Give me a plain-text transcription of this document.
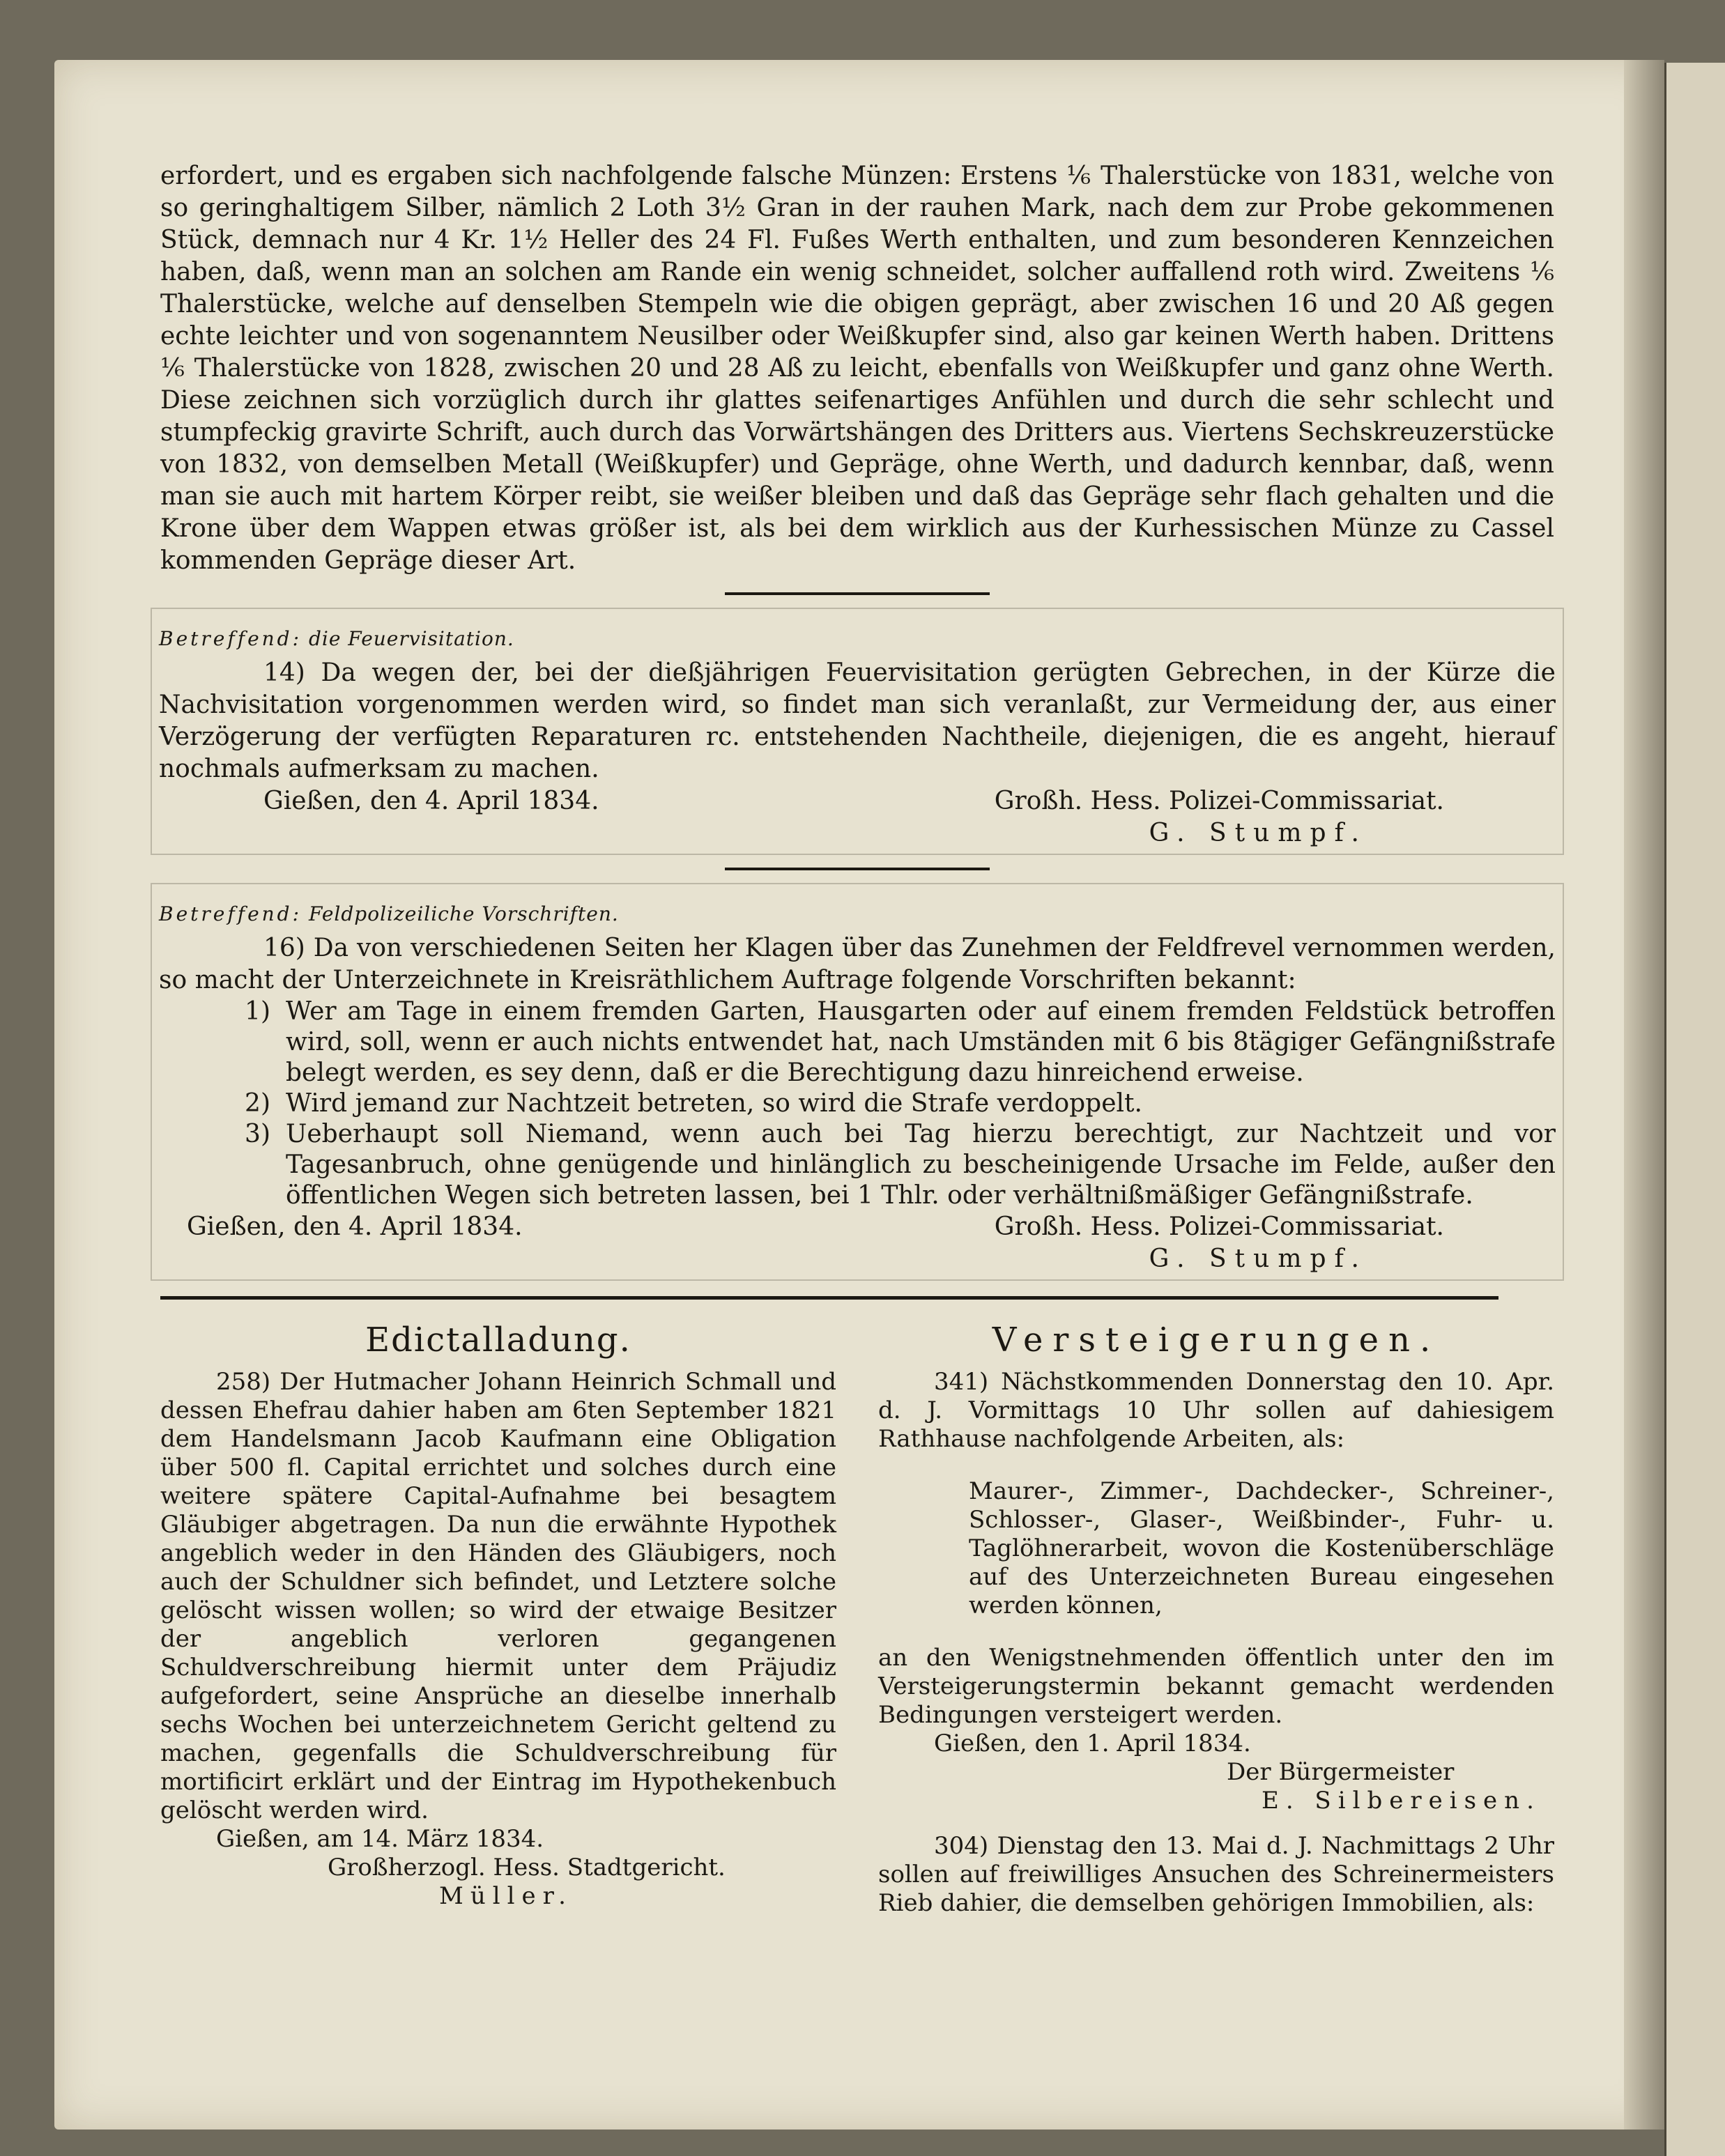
erfordert, und es ergaben sich nachfolgende falsche Münzen: Erstens ⅙ Thalerstücke von 1831, welche von so geringhaltigem Silber, nämlich 2 Loth 3½ Gran in der rauhen Mark, nach dem zur Probe gekommenen Stück, demnach nur 4 Kr. 1½ Heller des 24 Fl. Fußes Werth enthalten, und zum besonderen Kennzeichen haben, daß, wenn man an solchen am Rande ein wenig schneidet, solcher auffallend roth wird. Zweitens ⅙ Thalerstücke, welche auf denselben Stempeln wie die obigen geprägt, aber zwischen 16 und 20 Aß gegen echte leichter und von sogenanntem Neusilber oder Weißkupfer sind, also gar keinen Werth haben. Drittens ⅙ Thalerstücke von 1828, zwischen 20 und 28 Aß zu leicht, ebenfalls von Weißkupfer und ganz ohne Werth. Diese zeichnen sich vorzüglich durch ihr glattes seifenartiges Anfühlen und durch die sehr schlecht und stumpfeckig gravirte Schrift, auch durch das Vorwärtshängen des Dritters aus. Viertens Sechskreuzerstücke von 1832, von demselben Metall (Weißkupfer) und Gepräge, ohne Werth, und dadurch kennbar, daß, wenn man sie auch mit hartem Körper reibt, sie weißer bleiben und daß das Gepräge sehr flach gehalten und die Krone über dem Wappen etwas größer ist, als bei dem wirklich aus der Kurhessischen Münze zu Cassel kommenden Gepräge dieser Art.

Betreffend: die Feuervisitation.

14) Da wegen der, bei der dießjährigen Feuervisitation gerügten Gebrechen, in der Kürze die Nachvisitation vorgenommen werden wird, so findet man sich veranlaßt, zur Vermeidung der, aus einer Verzögerung der verfügten Reparaturen rc. entstehenden Nachtheile, diejenigen, die es angeht, hierauf nochmals aufmerksam zu machen.

Gießen, den 4. April 1834.	Großh. Hess. Polizei-Commissariat.
G. Stumpf.
Betreffend: Feldpolizeiliche Vorschriften.

16) Da von verschiedenen Seiten her Klagen über das Zunehmen der Feldfrevel vernommen werden, so macht der Unterzeichnete in Kreisräthlichem Auftrage folgende Vorschriften bekannt:

1) Wer am Tage in einem fremden Garten, Hausgarten oder auf einem fremden Feldstück betroffen wird, soll, wenn er auch nichts entwendet hat, nach Umständen mit 6 bis 8tägiger Gefängnißstrafe belegt werden, es sey denn, daß er die Berechtigung dazu hinreichend erweise.
2) Wird jemand zur Nachtzeit betreten, so wird die Strafe verdoppelt.
3) Ueberhaupt soll Niemand, wenn auch bei Tag hierzu berechtigt, zur Nachtzeit und vor Tagesanbruch, ohne genügende und hinlänglich zu bescheinigende Ursache im Felde, außer den öffentlichen Wegen sich betreten lassen, bei 1 Thlr. oder verhältnißmäßiger Gefängnißstrafe.
Gießen, den 4. April 1834.	Großh. Hess. Polizei-Commissariat.
G. Stumpf.
Edictalladung.

258) Der Hutmacher Johann Heinrich Schmall und dessen Ehefrau dahier haben am 6ten September 1821 dem Handelsmann Jacob Kaufmann eine Obligation über 500 fl. Capital errichtet und solches durch eine weitere spätere Capital-Aufnahme bei besagtem Gläubiger abgetragen. Da nun die erwähnte Hypothek angeblich weder in den Händen des Gläubigers, noch auch der Schuldner sich befindet, und Letztere solche gelöscht wissen wollen; so wird der etwaige Besitzer der angeblich verloren gegangenen Schuldverschreibung hiermit unter dem Präjudiz aufgefordert, seine Ansprüche an dieselbe innerhalb sechs Wochen bei unterzeichnetem Gericht geltend zu machen, gegenfalls die Schuldverschreibung für mortificirt erklärt und der Eintrag im Hypothekenbuch gelöscht werden wird.

Gießen, am 14. März 1834.

Großherzogl. Hess. Stadtgericht.

Müller.

Versteigerungen.

341) Nächstkommenden Donnerstag den 10. Apr. d. J. Vormittags 10 Uhr sollen auf dahiesigem Rathhause nachfolgende Arbeiten, als:

Maurer-, Zimmer-, Dachdecker-, Schreiner-, Schlosser-, Glaser-, Weißbinder-, Fuhr- u. Taglöhnerarbeit, wovon die Kostenüberschläge auf des Unterzeichneten Bureau eingesehen werden können,

an den Wenigstnehmenden öffentlich unter den im Versteigerungstermin bekannt gemacht werdenden Bedingungen versteigert werden.

Gießen, den 1. April 1834.

Der Bürgermeister

E. Silbereisen.

304) Dienstag den 13. Mai d. J. Nachmittags 2 Uhr sollen auf freiwilliges Ansuchen des Schreinermeisters Rieb dahier, die demselben gehörigen Immobilien, als:
